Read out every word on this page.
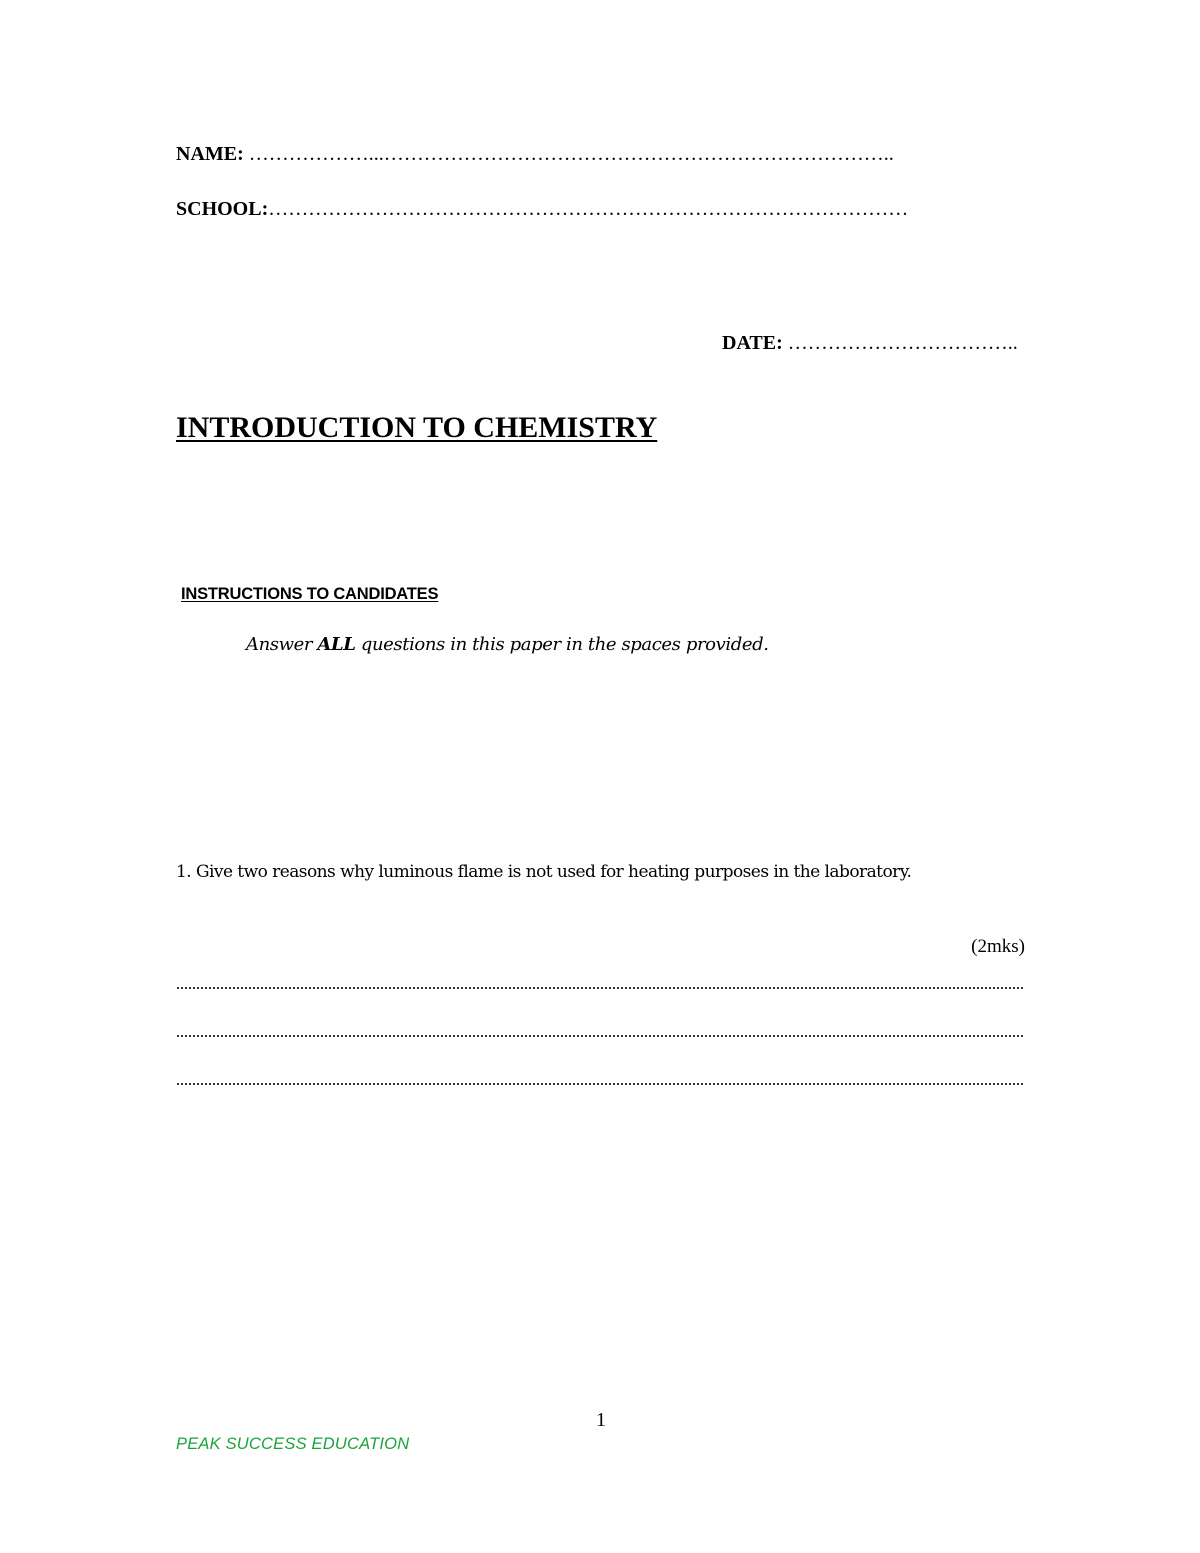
NAME: ………………...…………………………………………………………………..
SCHOOL:……………………………………………………………………………………
DATE: ……………………………..
INTRODUCTION TO CHEMISTRY
INSTRUCTIONS TO CANDIDATES
Answer ALL questions in this paper in the spaces provided.
1. Give two reasons why luminous flame is not used for heating purposes in the laboratory.
(2mks)
1
PEAK SUCCESS EDUCATION
